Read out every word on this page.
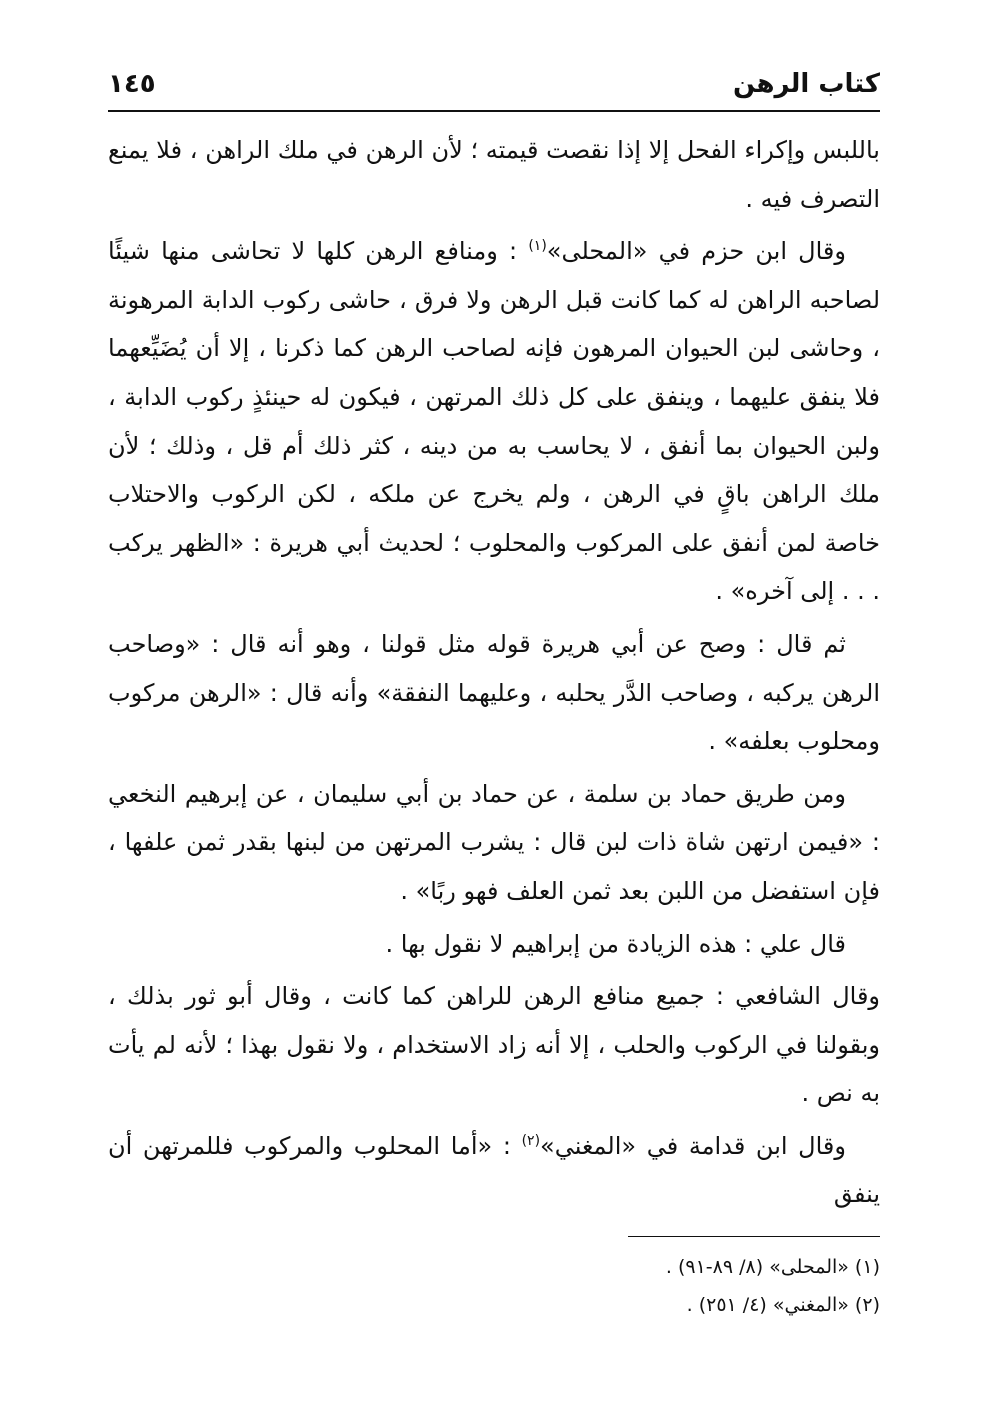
كتاب الرهن
١٤٥

باللبس وإكراء الفحل إلا إذا نقصت قيمته ؛ لأن الرهن في ملك الراهن ، فلا يمنع التصرف فيه .

وقال ابن حزم في «المحلى»$^{(١)}$ : ومنافع الرهن كلها لا تحاشى منها شيئًا لصاحبه الراهن له كما كانت قبل الرهن ولا فرق ، حاشى ركوب الدابة المرهونة ، وحاشى لبن الحيوان المرهون فإنه لصاحب الرهن كما ذكرنا ، إلا أن يُضَيِّعهما فلا ينفق عليهما ، وينفق على كل ذلك المرتهن ، فيكون له حينئذٍ ركوب الدابة ، ولبن الحيوان بما أنفق ، لا يحاسب به من دينه ، كثر ذلك أم قل ، وذلك ؛ لأن ملك الراهن باقٍ في الرهن ، ولم يخرج عن ملكه ، لكن الركوب والاحتلاب خاصة لمن أنفق على المركوب والمحلوب ؛ لحديث أبي هريرة : «الظهر يركب . . . إلى آخره» .

ثم قال : وصح عن أبي هريرة قوله مثل قولنا ، وهو أنه قال : «وصاحب الرهن يركبه ، وصاحب الدَّر يحلبه ، وعليهما النفقة» وأنه قال : «الرهن مركوب ومحلوب بعلفه» .

ومن طريق حماد بن سلمة ، عن حماد بن أبي سليمان ، عن إبرهيم النخعي : «فيمن ارتهن شاة ذات لبن قال : يشرب المرتهن من لبنها بقدر ثمن علفها ، فإن استفضل من اللبن بعد ثمن العلف فهو ربًا» .

قال علي : هذه الزيادة من إبراهيم لا نقول بها .

وقال الشافعي : جميع منافع الرهن للراهن كما كانت ، وقال أبو ثور بذلك ، وبقولنا في الركوب والحلب ، إلا أنه زاد الاستخدام ، ولا نقول بهذا ؛ لأنه لم يأت به نص .

وقال ابن قدامة في «المغني»$^{(٢)}$ : «أما المحلوب والمركوب فللمرتهن أن ينفق

(١) «المحلى» (٨/ ٨٩-٩١) .

(٢) «المغني» (٤/ ٢٥١) .
